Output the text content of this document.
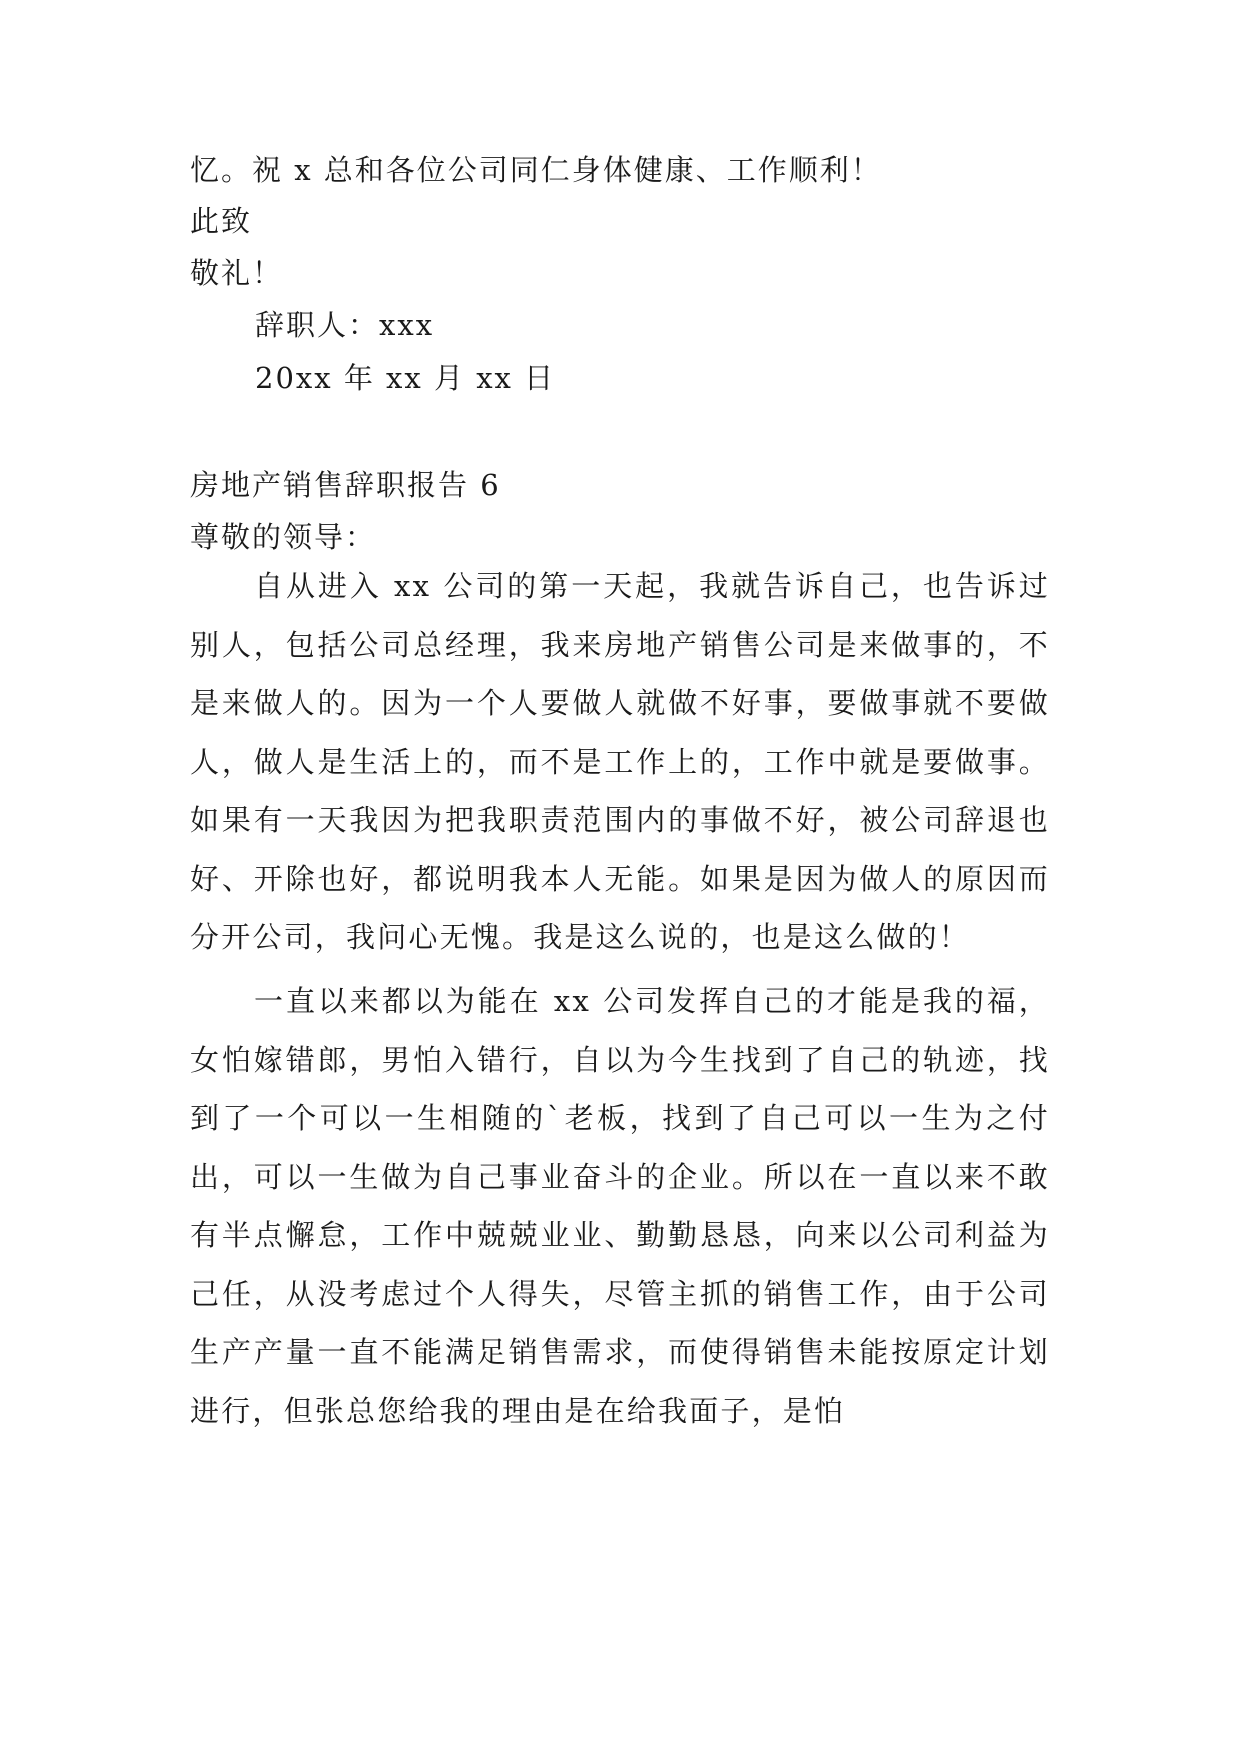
忆。祝 x 总和各位公司同仁身体健康、工作顺利！
此致
敬礼！
辞职人：xxx
20xx 年 xx 月 xx 日
房地产销售辞职报告 6
尊敬的领导：
自从进入 xx 公司的第一天起，我就告诉自己，也告诉过别人，包括公司总经理，我来房地产销售公司是来做事的，不是来做人的。因为一个人要做人就做不好事，要做事就不要做人，做人是生活上的，而不是工作上的，工作中就是要做事。如果有一天我因为把我职责范围内的事做不好，被公司辞退也好、开除也好，都说明我本人无能。如果是因为做人的原因而分开公司，我问心无愧。我是这么说的，也是这么做的！
一直以来都以为能在 xx 公司发挥自己的才能是我的福，女怕嫁错郎，男怕入错行，自以为今生找到了自己的轨迹，找到了一个可以一生相随的`老板，找到了自己可以一生为之付出，可以一生做为自己事业奋斗的企业。所以在一直以来不敢有半点懈怠，工作中兢兢业业、勤勤恳恳，向来以公司利益为己任，从没考虑过个人得失，尽管主抓的销售工作，由于公司生产产量一直不能满足销售需求，而使得销售未能按原定计划进行，但张总您给我的理由是在给我面子，是怕
